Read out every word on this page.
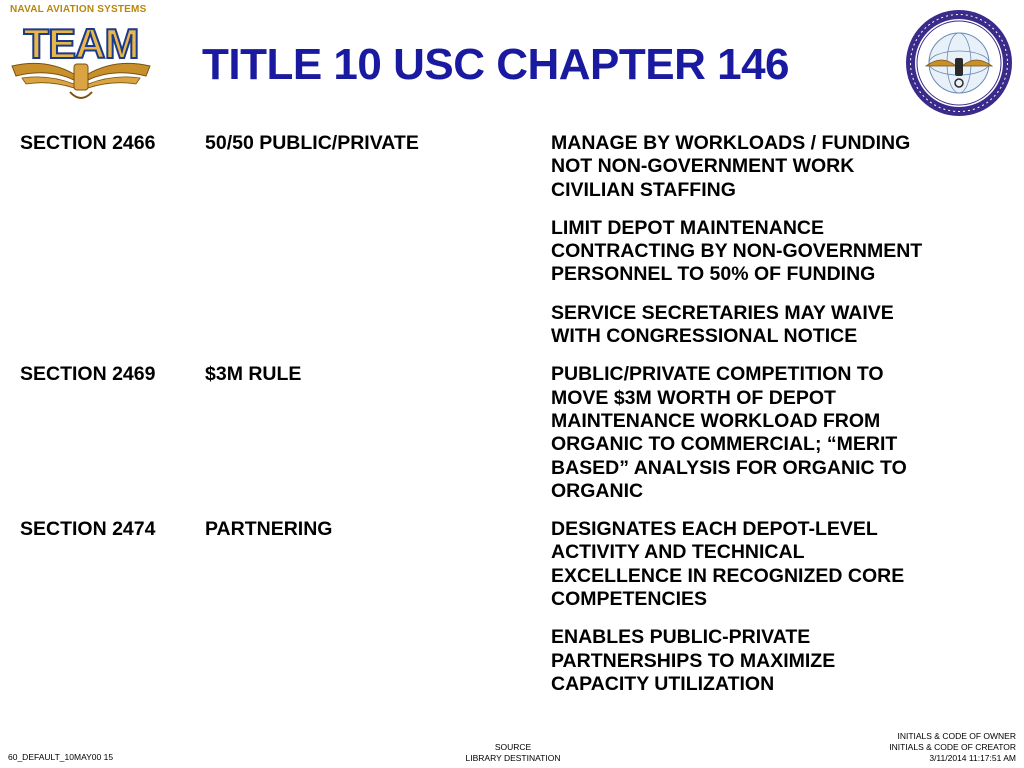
NAVAL AVIATION SYSTEMS
TEAM TITLE 10 USC CHAPTER 146
SECTION 2466	50/50 PUBLIC/PRIVATE	MANAGE BY WORKLOADS / FUNDING
NOT NON-GOVERNMENT WORK
CIVILIAN STAFFING
LIMIT DEPOT MAINTENANCE
CONTRACTING BY NON-GOVERNMENT
PERSONNEL TO 50% OF FUNDING
SERVICE SECRETARIES MAY WAIVE
WITH CONGRESSIONAL NOTICE
SECTION 2469	$3M RULE	PUBLIC/PRIVATE COMPETITION TO
MOVE $3M WORTH OF DEPOT
MAINTENANCE WORKLOAD FROM
ORGANIC TO COMMERCIAL; “MERIT
BASED” ANALYSIS FOR ORGANIC TO
ORGANIC
SECTION 2474	PARTNERING	DESIGNATES EACH DEPOT-LEVEL
ACTIVITY AND TECHNICAL
EXCELLENCE IN RECOGNIZED CORE
COMPETENCIES
ENABLES PUBLIC-PRIVATE
PARTNERSHIPS TO MAXIMIZE
CAPACITY UTILIZATION
60_DEFAULT_10MAY00 15
SOURCE
LIBRARY DESTINATION
INITIALS & CODE OF OWNER
INITIALS & CODE OF CREATOR
3/11/2014 11:17:51 AM
